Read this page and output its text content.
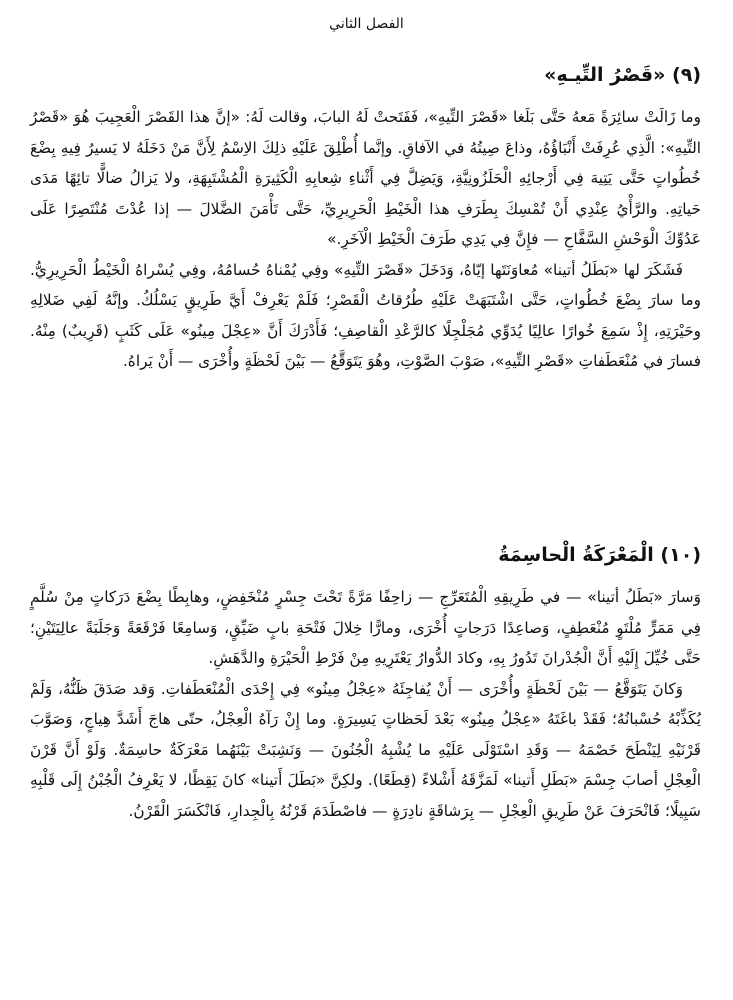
الفصل الثاني
(٩) «قَصْرُ التِّيـهِ»

وما زَالَتْ سائِرَةً مَعهُ حَتَّى بَلَغا «قَصْرَ التِّيهِ»، فَفَتَحتْ لَهُ البابَ، وقالت لَهُ: «إنَّ هذا القَصْرَ الْعَجِيبَ هُوَ «قَصْرُ التِّيهِ»: الَّذِي عُرِفَتْ أَنْبَاؤُهُ، وذاعَ صِيتُهُ في الآفاقِ. وإنَّما أُطْلِقَ عَلَيْهِ ذلِكَ الاِسْمُ لِأَنَّ مَنْ دَخَلَهُ لا يَسيرُ فِيهِ بِضْعَ خُطُواتٍ حَتَّى يَتِيهَ فِي أَرْجائِهِ الْحَلَزُونِيَّةِ، وَيَضِلَّ فِي أَثْناءِ شِعابِهِ الْكَثِيرَةِ الْمُشْتَبِهَةِ، ولا يَزالُ ضالًّا تائِهًا مَدَى حَياتِهِ. والرَّأْيُ عِنْدِي أَنْ تُمْسِكَ بِطَرَفِ هذا الْخَيْطِ الْحَرِيرِيِّ، حَتَّى تَأْمَنَ الضَّلالَ — إذا عُدْتَ مُنْتَصِرًا عَلَى عَدُوِّكَ الْوَحْشِ السَّفَّاحِ — فإِنَّ فِي يَدِي طَرَفَ الْخَيْطِ الْآخَرِ.»

فَشَكَرَ لها «بَطَلُ أتينا» مُعاوَنَتَها إيّاهُ، وَدَخَلَ «قَصْرَ التِّيهِ» وفِي يُمْناهُ حُسامُهُ، وفِي يُسْراهُ الْخَيْطُ الْحَرِيرِيُّ. وما سارَ بِضْعَ خُطُواتٍ، حَتَّى اشْتَبَهَتْ عَلَيْهِ طُرُقاتُ الْقَصْرِ؛ فَلَمْ يَعْرِفْ أَيَّ طَرِيقٍ يَسْلُكُ. وإنَّهُ لَفِي ضَلالِهِ وحَيْرَتِهِ، إِذْ سَمِعَ خُوارًا عالِيًا يُدَوِّي مُجَلْجِلًا كالرَّعْدِ الْقاصِفِ؛ فَأَدْرَكَ أَنَّ «عِجْلَ مِينُو» عَلَى كَثَبٍ (قَرِيبٌ) مِنْهُ. فسارَ في مُنْعَطَفاتِ «قَصْرِ التِّيهِ»، صَوْبَ الصَّوْتِ، وهُوَ يَتَوَقَّعُ — بَيْنَ لَحْظَةٍ وأُخْرَى — أَنْ يَراهُ.

(١٠) الْمَعْرَكَةُ الْحاسِمَةُ

وَسارَ «بَطَلُ أتينا» — في طَرِيقِهِ الْمُتَعَرِّجِ — زاحِفًا مَرَّةً تَحْتَ جِسْرٍ مُنْخَفِضٍ، وهابِطًا بِضْعَ دَرَكاتٍ مِنْ سُلَّمٍ فِي مَمَرٍّ مُلْتَوٍ مُنْعَطِفٍ، وَصاعِدًا دَرَجاتٍ أُخْرَى، ومارًّا خِلالَ فَتْحَةِ بابٍ ضَيِّقٍ، وَسامِعًا فَرْقَعَةً وَجَلَبَةً عالِيَتَيْنِ؛ حَتَّى خُيِّلَ إِلَيْهِ أَنَّ الْجُدْرانَ تَدُورُ بِهِ، وكادَ الدُّوارُ يَعْتَرِيهِ مِنْ فَرْطِ الْحَيْرَةِ والدَّهَشِ.

وَكانَ يَتَوَقَّعُ — بَيْنَ لَحْظَةٍ وأُخْرَى — أَنْ يُفاجِئَهُ «عِجْلُ مِينُو» فِي إِحْدَى الْمُنْعَطَفاتِ. وَقد صَدَقَ ظَنُّهُ، وَلَمْ يُكَذِّبْهُ حُسْبانُهُ؛ فَقَدْ باغَتَهُ «عِجْلُ مِينُو» بَعْدَ لَحَظاتٍ يَسِيرَةٍ. وما إِنْ رَآهُ الْعِجْلُ، حتّى هاجَ أَشَدَّ هِياجٍ، وَصَوَّبَ قَرْنَيْهِ لِيَنْطَحَ خَصْمَهُ — وَقَدِ اسْتَوْلَى عَلَيْهِ ما يُشْبِهُ الْجُنُونَ — وَنَشِبَتْ بَيْنَهُما مَعْرَكَةٌ حاسِمَةٌ. وَلَوْ أَنَّ قَرْنَ الْعِجْلِ أصابَ جِسْمَ «بَطَلِ أَتينا» لَمَزَّقَهُ أَشْلاءً (قِطَعًا). ولكِنَّ «بَطَلَ أَتينا» كانَ يَقِظًا، لا يَعْرِفُ الْجُبْنُ إِلَى قَلْبِهِ سَبِيلًا؛ فَانْحَرَفَ عَنْ طَرِيقِ الْعِجْلِ — بِرَشاقَةٍ نادِرَةٍ — فاصْطَدَمَ قَرْنُهُ بِالْجِدارِ، فَانْكَسَرَ الْقَرْنُ.
